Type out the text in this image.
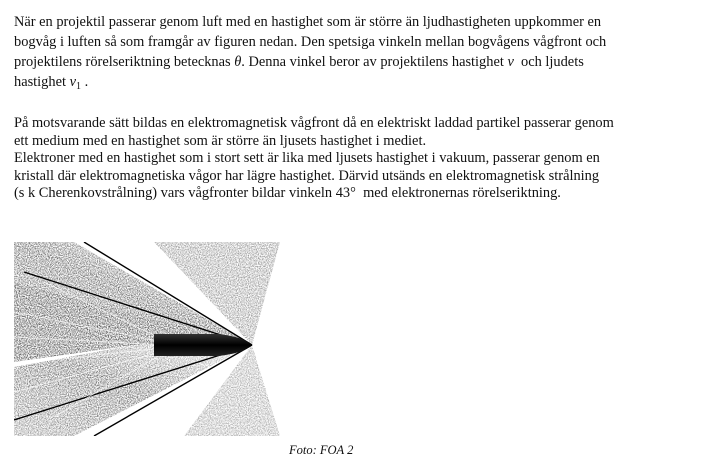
När en projektil passerar genom luft med en hastighet som är större än ljudhastigheten uppkommer en
bogvåg i luften så som framgår av figuren nedan. Den spetsiga vinkeln mellan bogvågens vågfront och
projektilens rörelseriktning betecknas θ. Denna vinkel beror av projektilens hastighet v och ljudets
hastighet $v_1$ .

På motsvarande sätt bildas en elektromagnetisk vågfront då en elektriskt laddad partikel passerar genom
ett medium med en hastighet som är större än ljusets hastighet i mediet.
Elektroner med en hastighet som i stort sett är lika med ljusets hastighet i vakuum, passerar genom en
kristall där elektromagnetiska vågor har lägre hastighet. Därvid utsänds en elektromagnetisk strålning
(s k Cherenkovstrålning) vars vågfronter bildar vinkeln 43° med elektronernas rörelseriktning.

Foto: FOA 2
